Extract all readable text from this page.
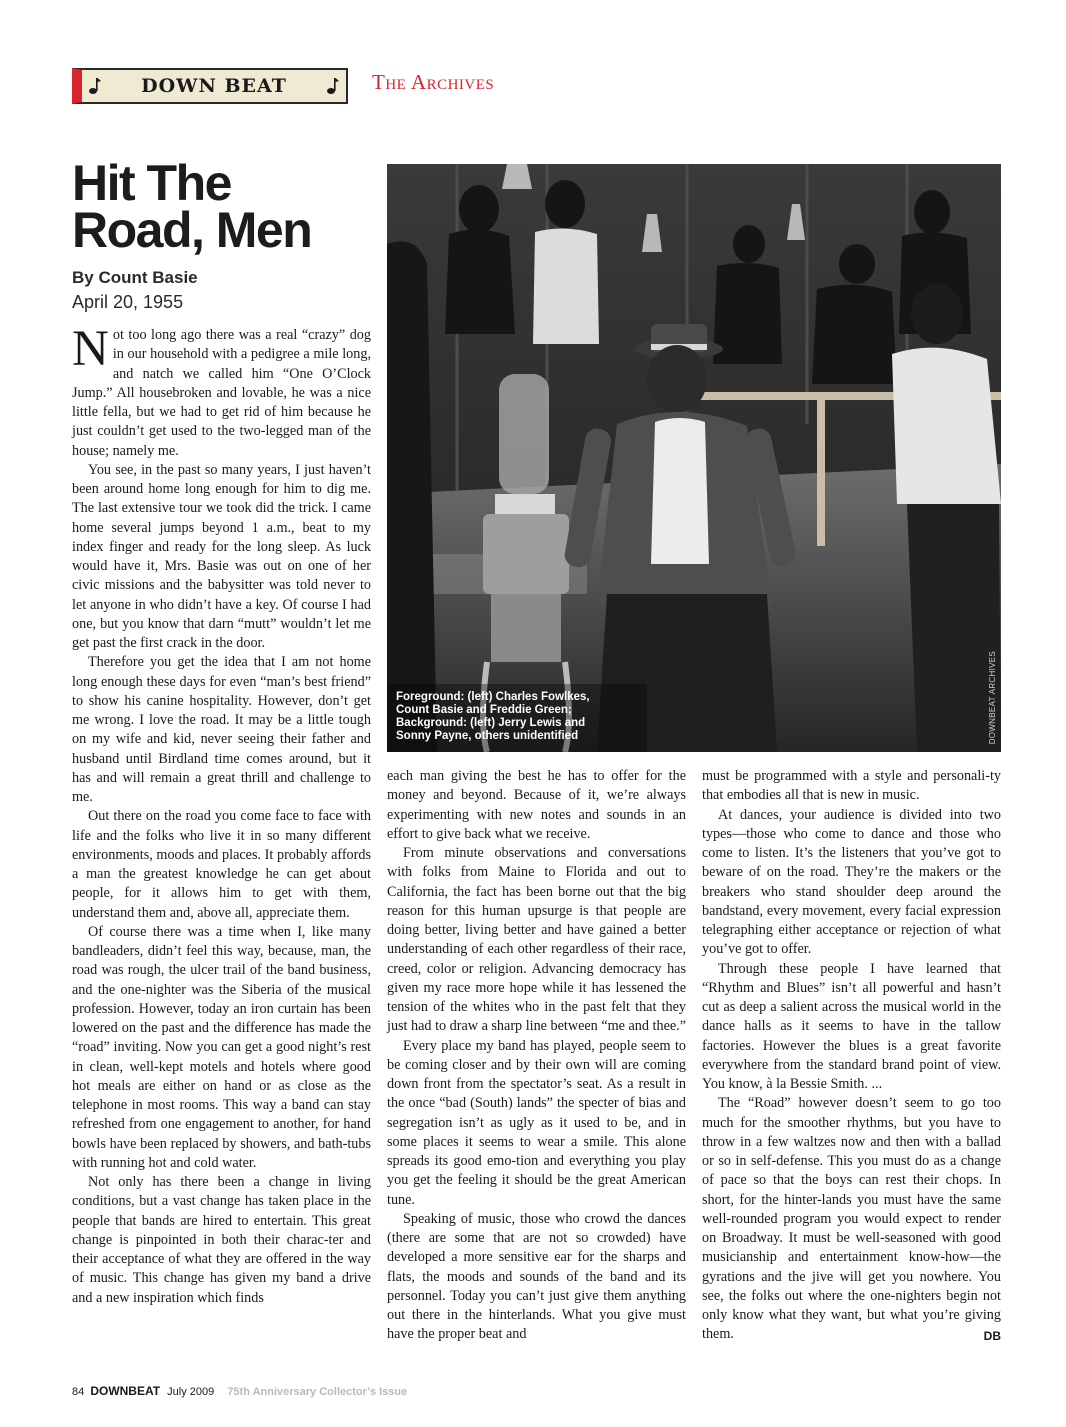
DOWN BEAT	The Archives
Hit The Road, Men
By Count Basie
April 20, 1955
Foreground: (left) Charles Fowlkes,
Count Basie and Freddie Green;
Background: (left) Jerry Lewis and
Sonny Payne, others unidentified	DOWNBEAT ARCHIVES

Not too long ago there was a real “crazy” dog in our household with a pedigree a mile long, and natch we called him “One O’Clock Jump.” All housebroken and lovable, he was a nice little fella, but we had to get rid of him because he just couldn’t get used to the two-legged man of the house; namely me.

You see, in the past so many years, I just haven’t been around home long enough for him to dig me. The last extensive tour we took did the trick. I came home several jumps beyond 1 a.m., beat to my index finger and ready for the long sleep. As luck would have it, Mrs. Basie was out on one of her civic missions and the babysitter was told never to let anyone in who didn’t have a key. Of course I had one, but you know that darn “mutt” wouldn’t let me get past the first crack in the door.

Therefore you get the idea that I am not home long enough these days for even “man’s best friend” to show his canine hospitality. However, don’t get me wrong. I love the road. It may be a little tough on my wife and kid, never seeing their father and husband until Birdland time comes around, but it has and will remain a great thrill and challenge to me.

Out there on the road you come face to face with life and the folks who live it in so many different environments, moods and places. It probably affords a man the greatest knowledge he can get about people, for it allows him to get with them, understand them and, above all, appreciate them.

Of course there was a time when I, like many bandleaders, didn’t feel this way, because, man, the road was rough, the ulcer trail of the band business, and the one-nighter was the Siberia of the musical profession. However, today an iron curtain has been lowered on the past and the difference has made the “road” inviting. Now you can get a good night’s rest in clean, well-kept motels and hotels where good hot meals are either on hand or as close as the telephone in most rooms. This way a band can stay refreshed from one engagement to another, for hand bowls have been replaced by showers, and bath-tubs with running hot and cold water.

Not only has there been a change in living conditions, but a vast change has taken place in the people that bands are hired to entertain. This great change is pinpointed in both their charac-ter and their acceptance of what they are offered in the way of music. This change has given my band a drive and a new inspiration which finds

each man giving the best he has to offer for the money and beyond. Because of it, we’re always experimenting with new notes and sounds in an effort to give back what we receive.

From minute observations and conversations with folks from Maine to Florida and out to California, the fact has been borne out that the big reason for this human upsurge is that people are doing better, living better and have gained a better understanding of each other regardless of their race, creed, color or religion. Advancing democracy has given my race more hope while it has lessened the tension of the whites who in the past felt that they just had to draw a sharp line between “me and thee.”

Every place my band has played, people seem to be coming closer and by their own will are coming down front from the spectator’s seat. As a result in the once “bad (South) lands” the specter of bias and segregation isn’t as ugly as it used to be, and in some places it seems to wear a smile. This alone spreads its good emo-tion and everything you play you get the feeling it should be the great American tune.

Speaking of music, those who crowd the dances (there are some that are not so crowded) have developed a more sensitive ear for the sharps and flats, the moods and sounds of the band and its personnel. Today you can’t just give them anything out there in the hinterlands. What you give must have the proper beat and

must be programmed with a style and personali-ty that embodies all that is new in music.

At dances, your audience is divided into two types—those who come to dance and those who come to listen. It’s the listeners that you’ve got to beware of on the road. They’re the makers or the breakers who stand shoulder deep around the bandstand, every movement, every facial expression telegraphing either acceptance or rejection of what you’ve got to offer.

Through these people I have learned that “Rhythm and Blues” isn’t all powerful and hasn’t cut as deep a salient across the musical world in the dance halls as it seems to have in the tallow factories. However the blues is a great favorite everywhere from the standard brand point of view. You know, à la Bessie Smith. ...

The “Road” however doesn’t seem to go too much for the smoother rhythms, but you have to throw in a few waltzes now and then with a ballad or so in self-defense. This you must do as a change of pace so that the boys can rest their chops. In short, for the hinter-lands you must have the same well-rounded program you would expect to render on Broadway. It must be well-seasoned with good musicianship and entertainment know-how—the gyrations and the jive will get you nowhere. You see, the folks out where the one-nighters begin not only know what they want, but what you’re giving them.	DB

84 DOWNBEAT July 2009 75th Anniversary Collector’s Issue
